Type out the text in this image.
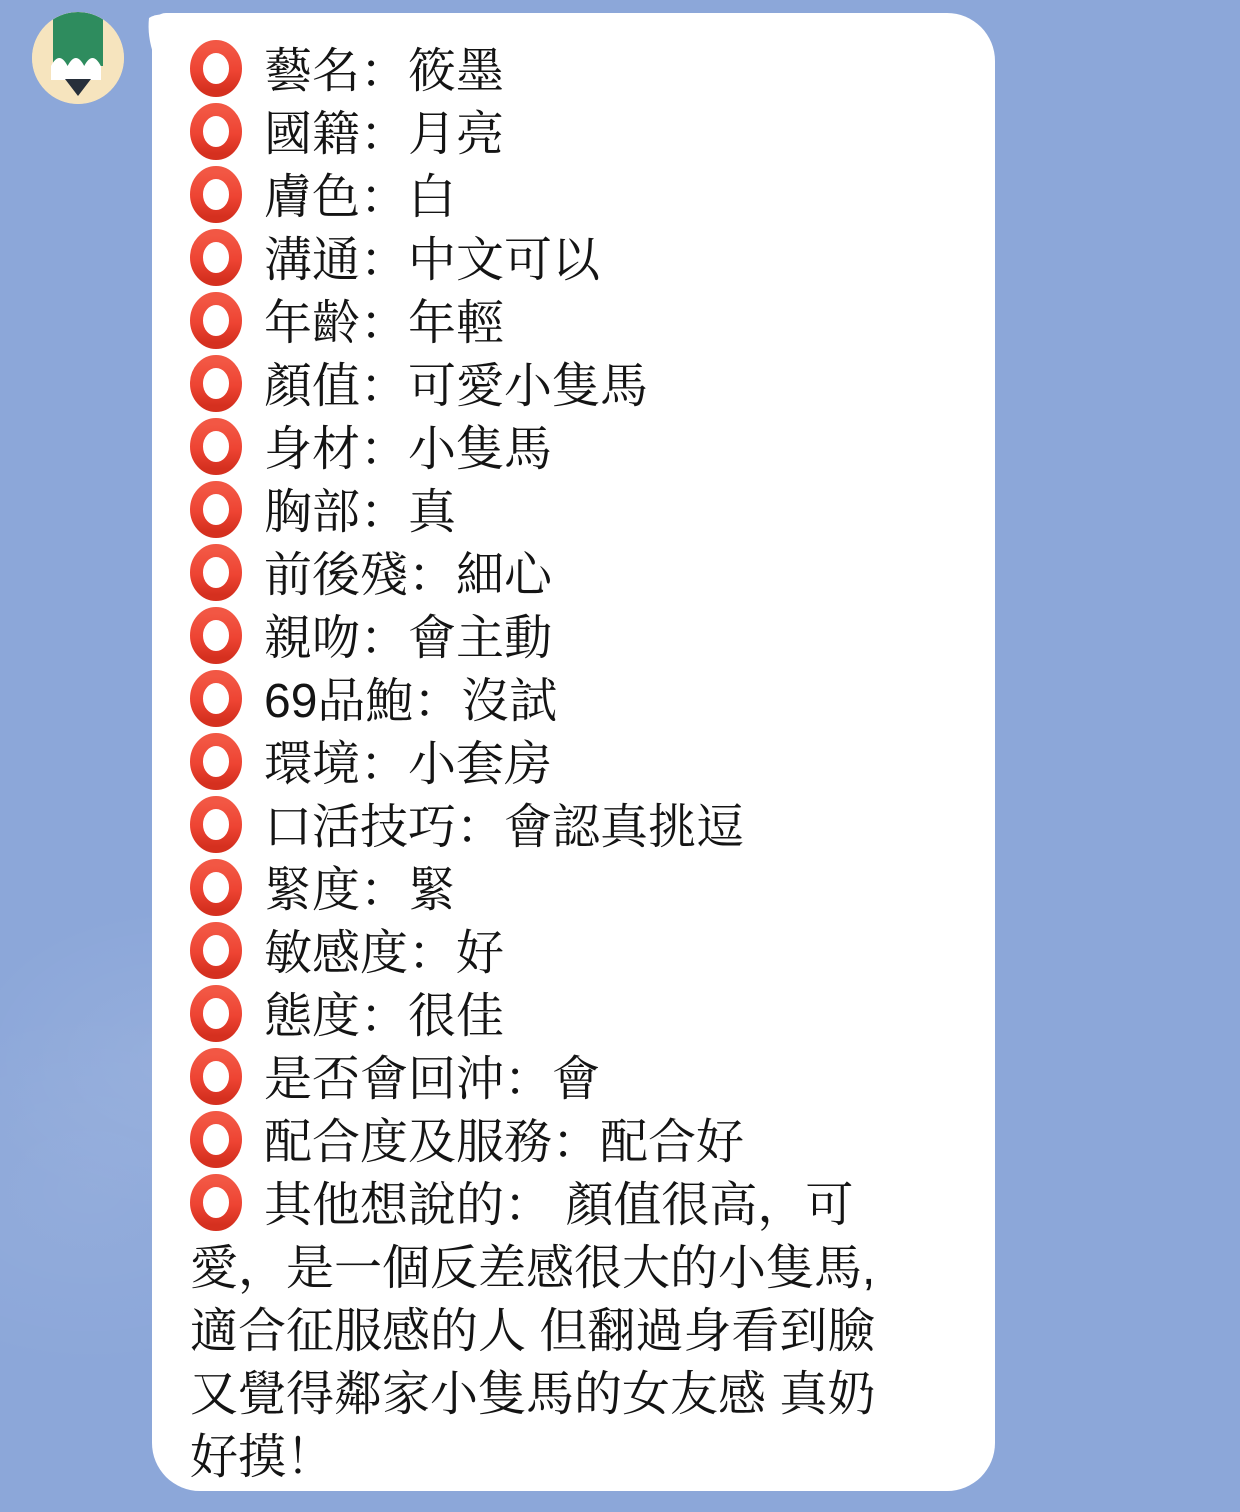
藝名：筱墨
國籍：月亮
膚色：白
溝通：中文可以
年齡：年輕
顏值：可愛小隻馬
身材：小隻馬
胸部：真
前後殘：細心
親吻：會主動
69品鮑：沒試
環境：小套房
口活技巧：會認真挑逗
緊度：緊
敏感度：好
態度：很佳
是否會回沖：會
配合度及服務：配合好
其他想說的： 顏值很高，可愛，是一個反差感很大的小隻馬, 適合征服感的人 但翻過身看到臉又覺得鄰家小隻馬的女友感 真奶好摸！
